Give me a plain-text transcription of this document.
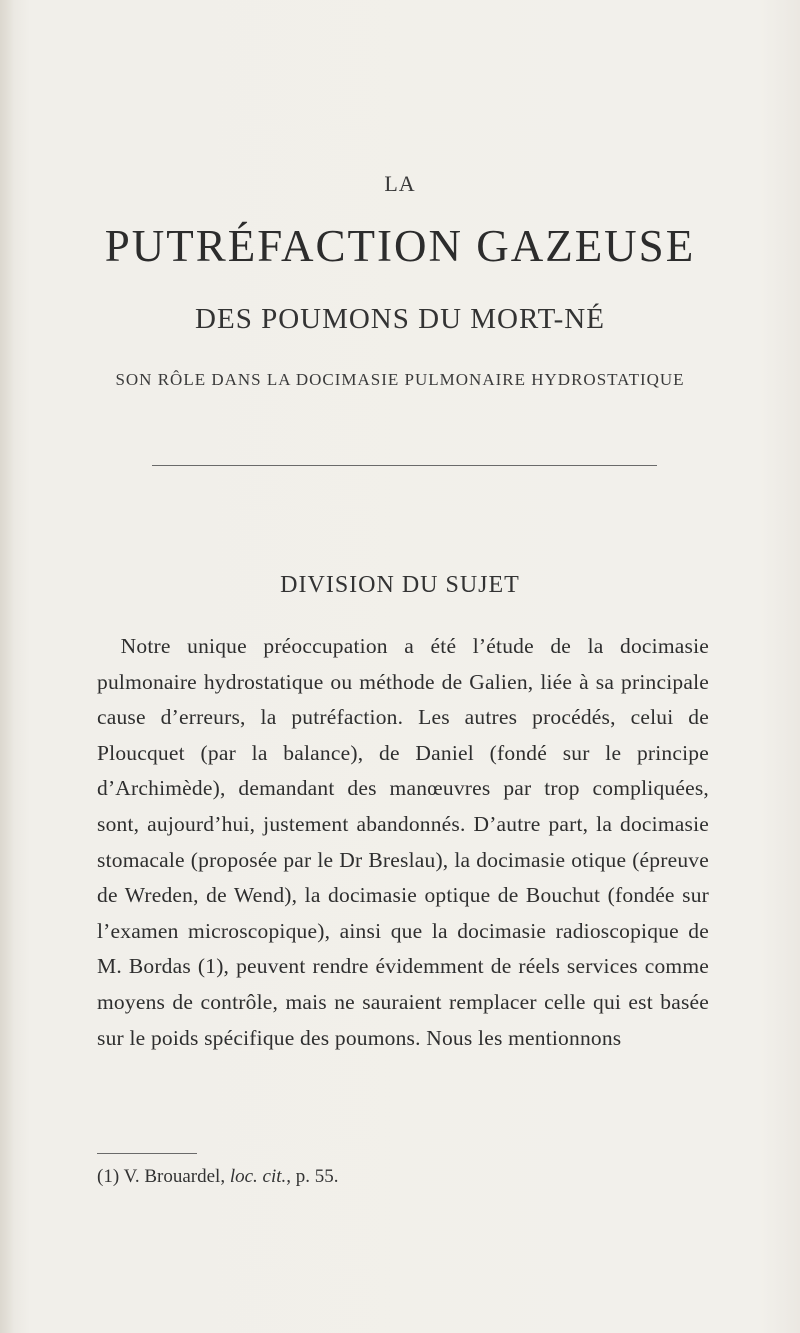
LA
PUTRÉFACTION GAZEUSE
DES POUMONS DU MORT-NÉ
SON RÔLE DANS LA DOCIMASIE PULMONAIRE HYDROSTATIQUE
DIVISION DU SUJET

Notre unique préoccupation a été l’étude de la docimasie pulmonaire hydrostatique ou méthode de Galien, liée à sa principale cause d’erreurs, la putréfaction. Les autres procédés, celui de Ploucquet (par la balance), de Daniel (fondé sur le principe d’Archimède), demandant des manœuvres par trop compliquées, sont, aujourd’hui, justement abandonnés. D’autre part, la docimasie stomacale (proposée par le Dr Breslau), la docimasie otique (épreuve de Wreden, de Wend), la docimasie optique de Bouchut (fondée sur l’examen microscopique), ainsi que la docimasie radioscopique de M. Bordas (1), peuvent rendre évidemment de réels services comme moyens de contrôle, mais ne sauraient remplacer celle qui est basée sur le poids spécifique des poumons. Nous les mentionnons

(1) V. Brouardel, loc. cit., p. 55.
